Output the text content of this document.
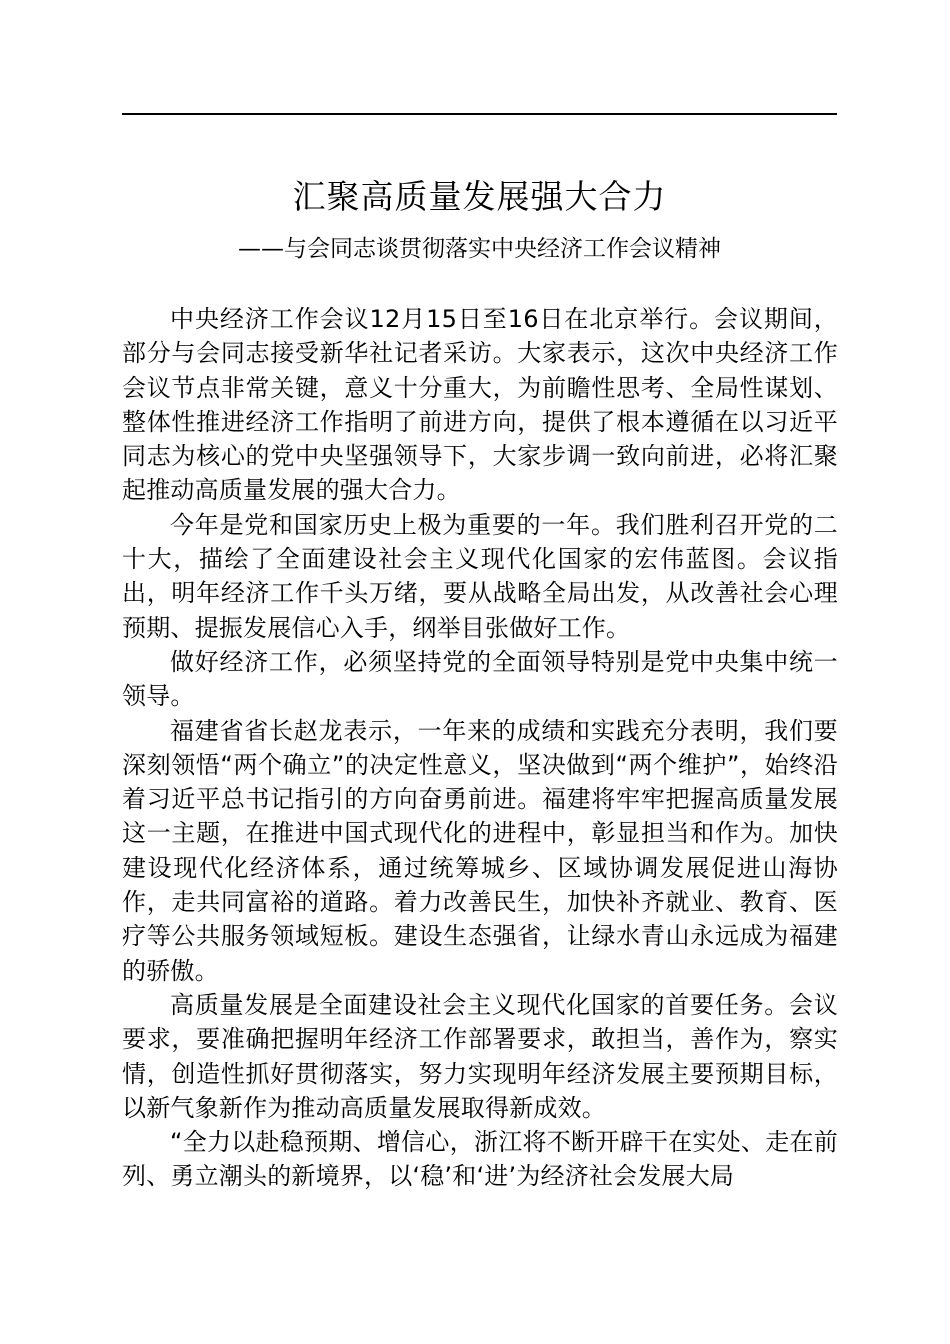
汇聚高质量发展强大合力
——与会同志谈贯彻落实中央经济工作会议精神

中央经济工作会议12月15日至16日在北京举行。会议期间，部分与会同志接受新华社记者采访。大家表示，这次中央经济工作会议节点非常关键，意义十分重大，为前瞻性思考、全局性谋划、整体性推进经济工作指明了前进方向，提供了根本遵循在以习近平同志为核心的党中央坚强领导下，大家步调一致向前进，必将汇聚起推动高质量发展的强大合力。

今年是党和国家历史上极为重要的一年。我们胜利召开党的二十大，描绘了全面建设社会主义现代化国家的宏伟蓝图。会议指出，明年经济工作千头万绪，要从战略全局出发，从改善社会心理预期、提振发展信心入手，纲举目张做好工作。

做好经济工作，必须坚持党的全面领导特别是党中央集中统一领导。

福建省省长赵龙表示，一年来的成绩和实践充分表明，我们要深刻领悟“两个确立”的决定性意义，坚决做到“两个维护”，始终沿着习近平总书记指引的方向奋勇前进。福建将牢牢把握高质量发展这一主题，在推进中国式现代化的进程中，彰显担当和作为。加快建设现代化经济体系，通过统筹城乡、区域协调发展促进山海协作，走共同富裕的道路。着力改善民生，加快补齐就业、教育、医疗等公共服务领域短板。建设生态强省，让绿水青山永远成为福建的骄傲。

高质量发展是全面建设社会主义现代化国家的首要任务。会议要求，要准确把握明年经济工作部署要求，敢担当，善作为，察实情，创造性抓好贯彻落实，努力实现明年经济发展主要预期目标，以新气象新作为推动高质量发展取得新成效。

“全力以赴稳预期、增信心，浙江将不断开辟干在实处、走在前列、勇立潮头的新境界，以‘稳’和‘进’为经济社会发展大局
